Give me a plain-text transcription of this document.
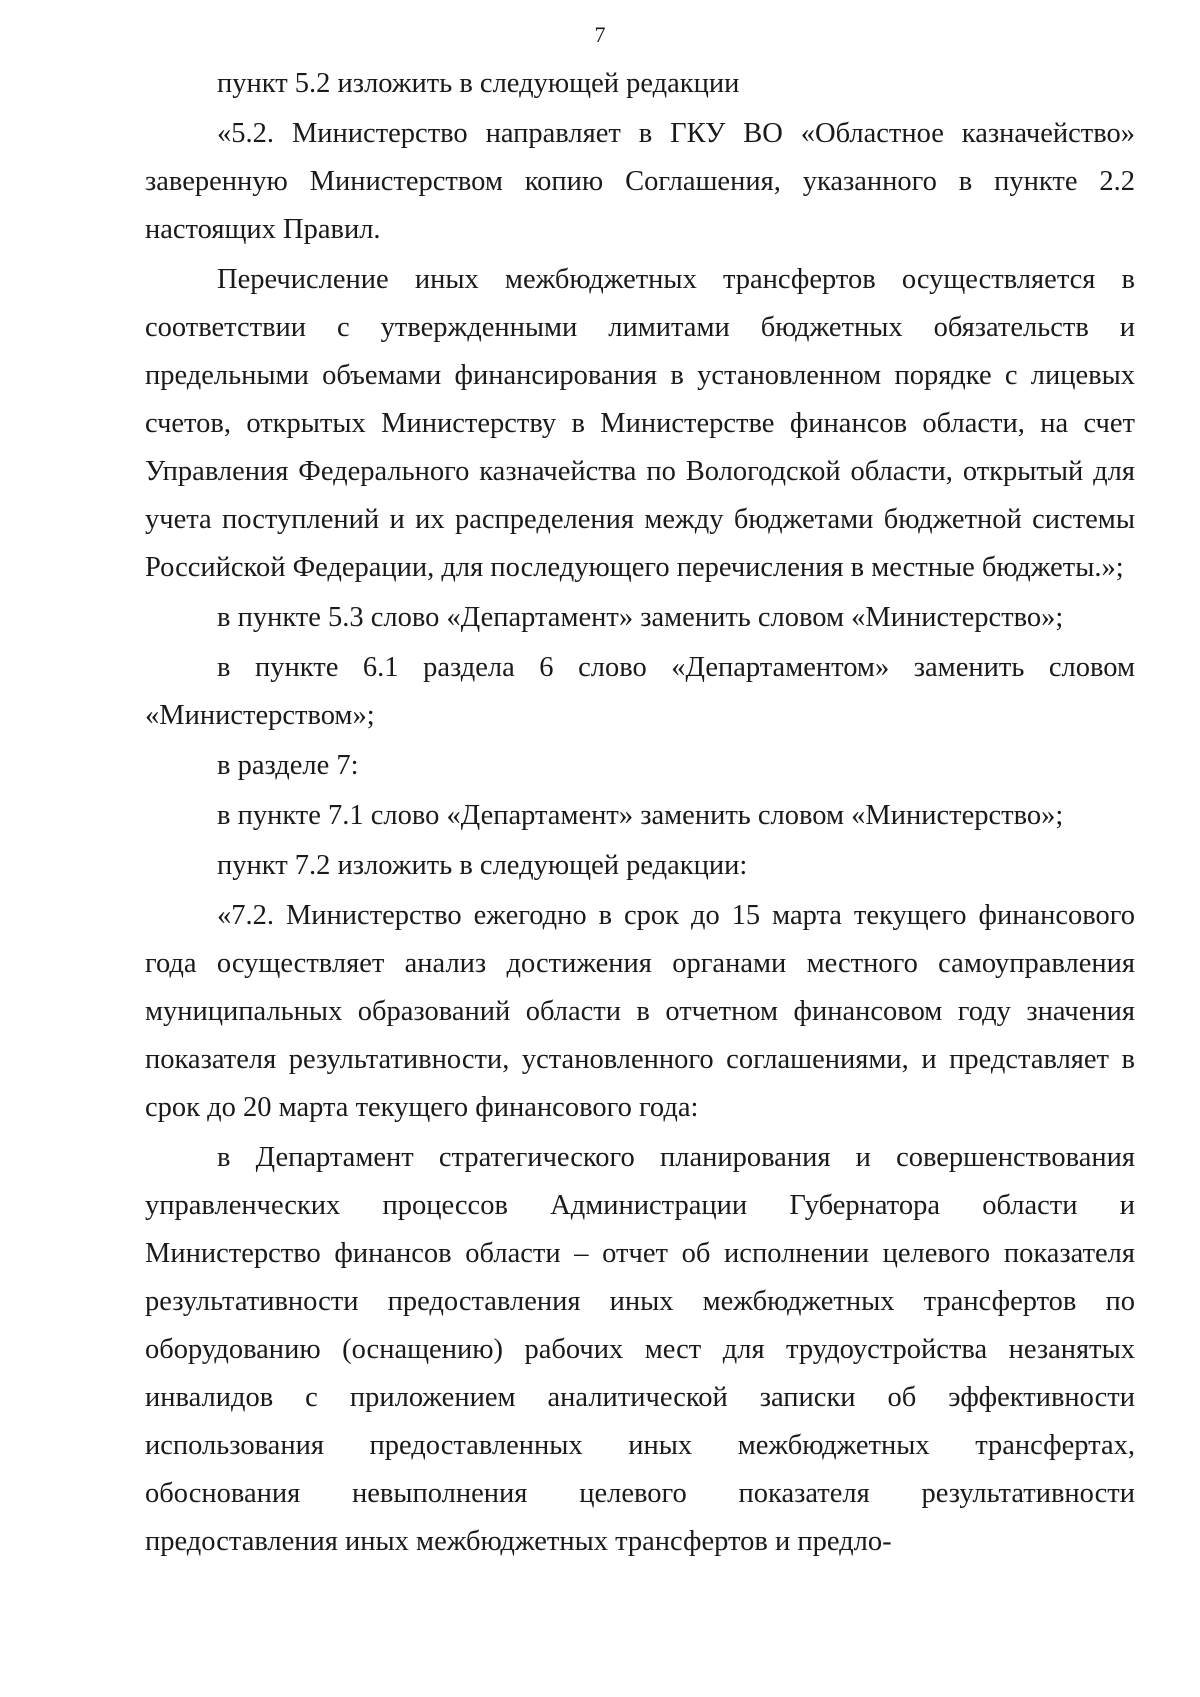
7

пункт 5.2 изложить в следующей редакции

«5.2. Министерство направляет в ГКУ ВО «Областное казначейство» заверенную Министерством копию Соглашения, указанного в пункте 2.2 настоящих Правил.

Перечисление иных межбюджетных трансфертов осуществляется в соответствии с утвержденными лимитами бюджетных обязательств и предельными объемами финансирования в установленном порядке с лицевых счетов, открытых Министерству в Министерстве финансов области, на счет Управления Федерального казначейства по Вологодской области, открытый для учета поступлений и их распределения между бюджетами бюджетной системы Российской Федерации, для последующего перечисления в местные бюджеты.»;

в пункте 5.3 слово «Департамент» заменить словом «Министерство»;

в пункте 6.1 раздела 6 слово «Департаментом» заменить словом «Министерством»;

в разделе 7:

в пункте 7.1 слово «Департамент» заменить словом «Министерство»;

пункт 7.2 изложить в следующей редакции:

«7.2. Министерство ежегодно в срок до 15 марта текущего финансового года осуществляет анализ достижения органами местного самоуправления муниципальных образований области в отчетном финансовом году значения показателя результативности, установленного соглашениями, и представляет в срок до 20 марта текущего финансового года:

в Департамент стратегического планирования и совершенствования управленческих процессов Администрации Губернатора области и Министерство финансов области – отчет об исполнении целевого показателя результативности предоставления иных межбюджетных трансфертов по оборудованию (оснащению) рабочих мест для трудоустройства незанятых инвалидов с приложением аналитической записки об эффективности использования предоставленных иных межбюджетных трансфертах, обоснования невыполнения целевого показателя результативности предоставления иных межбюджетных трансфертов и предло-
